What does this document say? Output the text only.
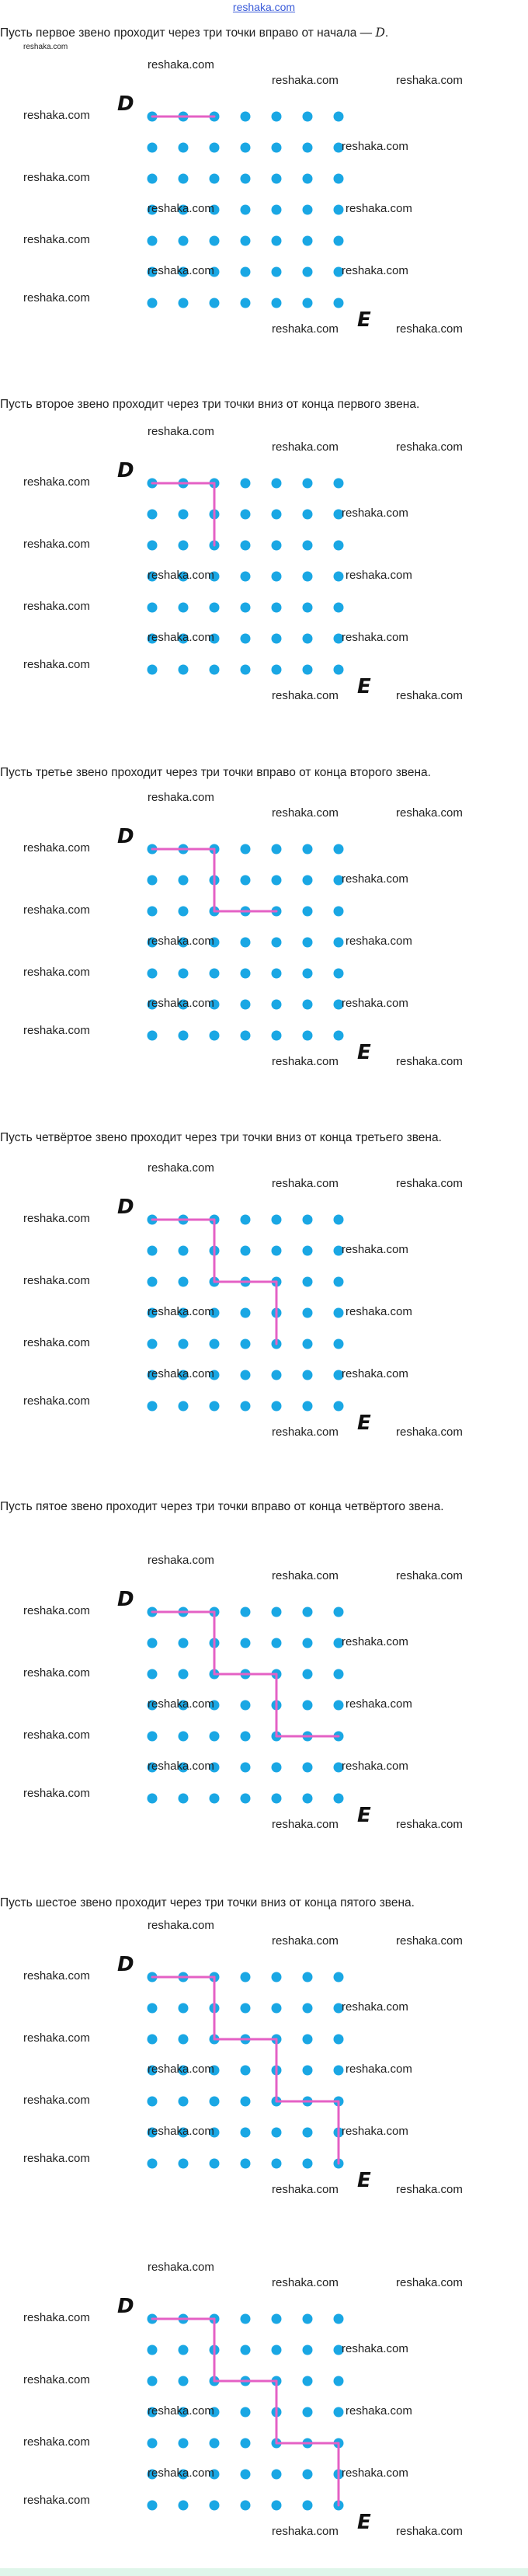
reshaka.com
Пусть первое звено проходит через три точки вправо от начала — D.
D
E
reshaka.com
reshaka.com
reshaka.com	reshaka.com
reshaka.com
reshaka.com
reshaka.com	reshaka.com
reshaka.com
reshaka.com	reshaka.com
reshaka.com
reshaka.com	reshaka.com
Пусть второе звено проходит через три точки вниз от конца первого звена.
D
E
reshaka.com
reshaka.com
reshaka.com	reshaka.com
reshaka.com
reshaka.com
reshaka.com	reshaka.com
reshaka.com
reshaka.com	reshaka.com
reshaka.com
reshaka.com	reshaka.com
Пусть третье звено проходит через три точки вправо от конца второго звена.
D
E
reshaka.com
reshaka.com
reshaka.com	reshaka.com
reshaka.com
reshaka.com
reshaka.com	reshaka.com
reshaka.com
reshaka.com	reshaka.com
reshaka.com
reshaka.com	reshaka.com
Пусть четвёртое звено проходит через три точки вниз от конца третьего звена.
D
E
reshaka.com
reshaka.com
reshaka.com	reshaka.com
reshaka.com
reshaka.com
reshaka.com	reshaka.com
reshaka.com
reshaka.com	reshaka.com
reshaka.com
reshaka.com	reshaka.com
Пусть пятое звено проходит через три точки вправо от конца четвёртого звена.
D
E
reshaka.com
reshaka.com
reshaka.com	reshaka.com
reshaka.com
reshaka.com
reshaka.com	reshaka.com
reshaka.com
reshaka.com	reshaka.com
reshaka.com
reshaka.com	reshaka.com
Пусть шестое звено проходит через три точки вниз от конца пятого звена.
D
E
reshaka.com
reshaka.com
reshaka.com	reshaka.com
reshaka.com
reshaka.com
reshaka.com	reshaka.com
reshaka.com
reshaka.com	reshaka.com
reshaka.com
reshaka.com	reshaka.com
D
E
reshaka.com
reshaka.com
reshaka.com	reshaka.com
reshaka.com
reshaka.com
reshaka.com	reshaka.com
reshaka.com
reshaka.com	reshaka.com
reshaka.com
reshaka.com	reshaka.com
reshaka.com
